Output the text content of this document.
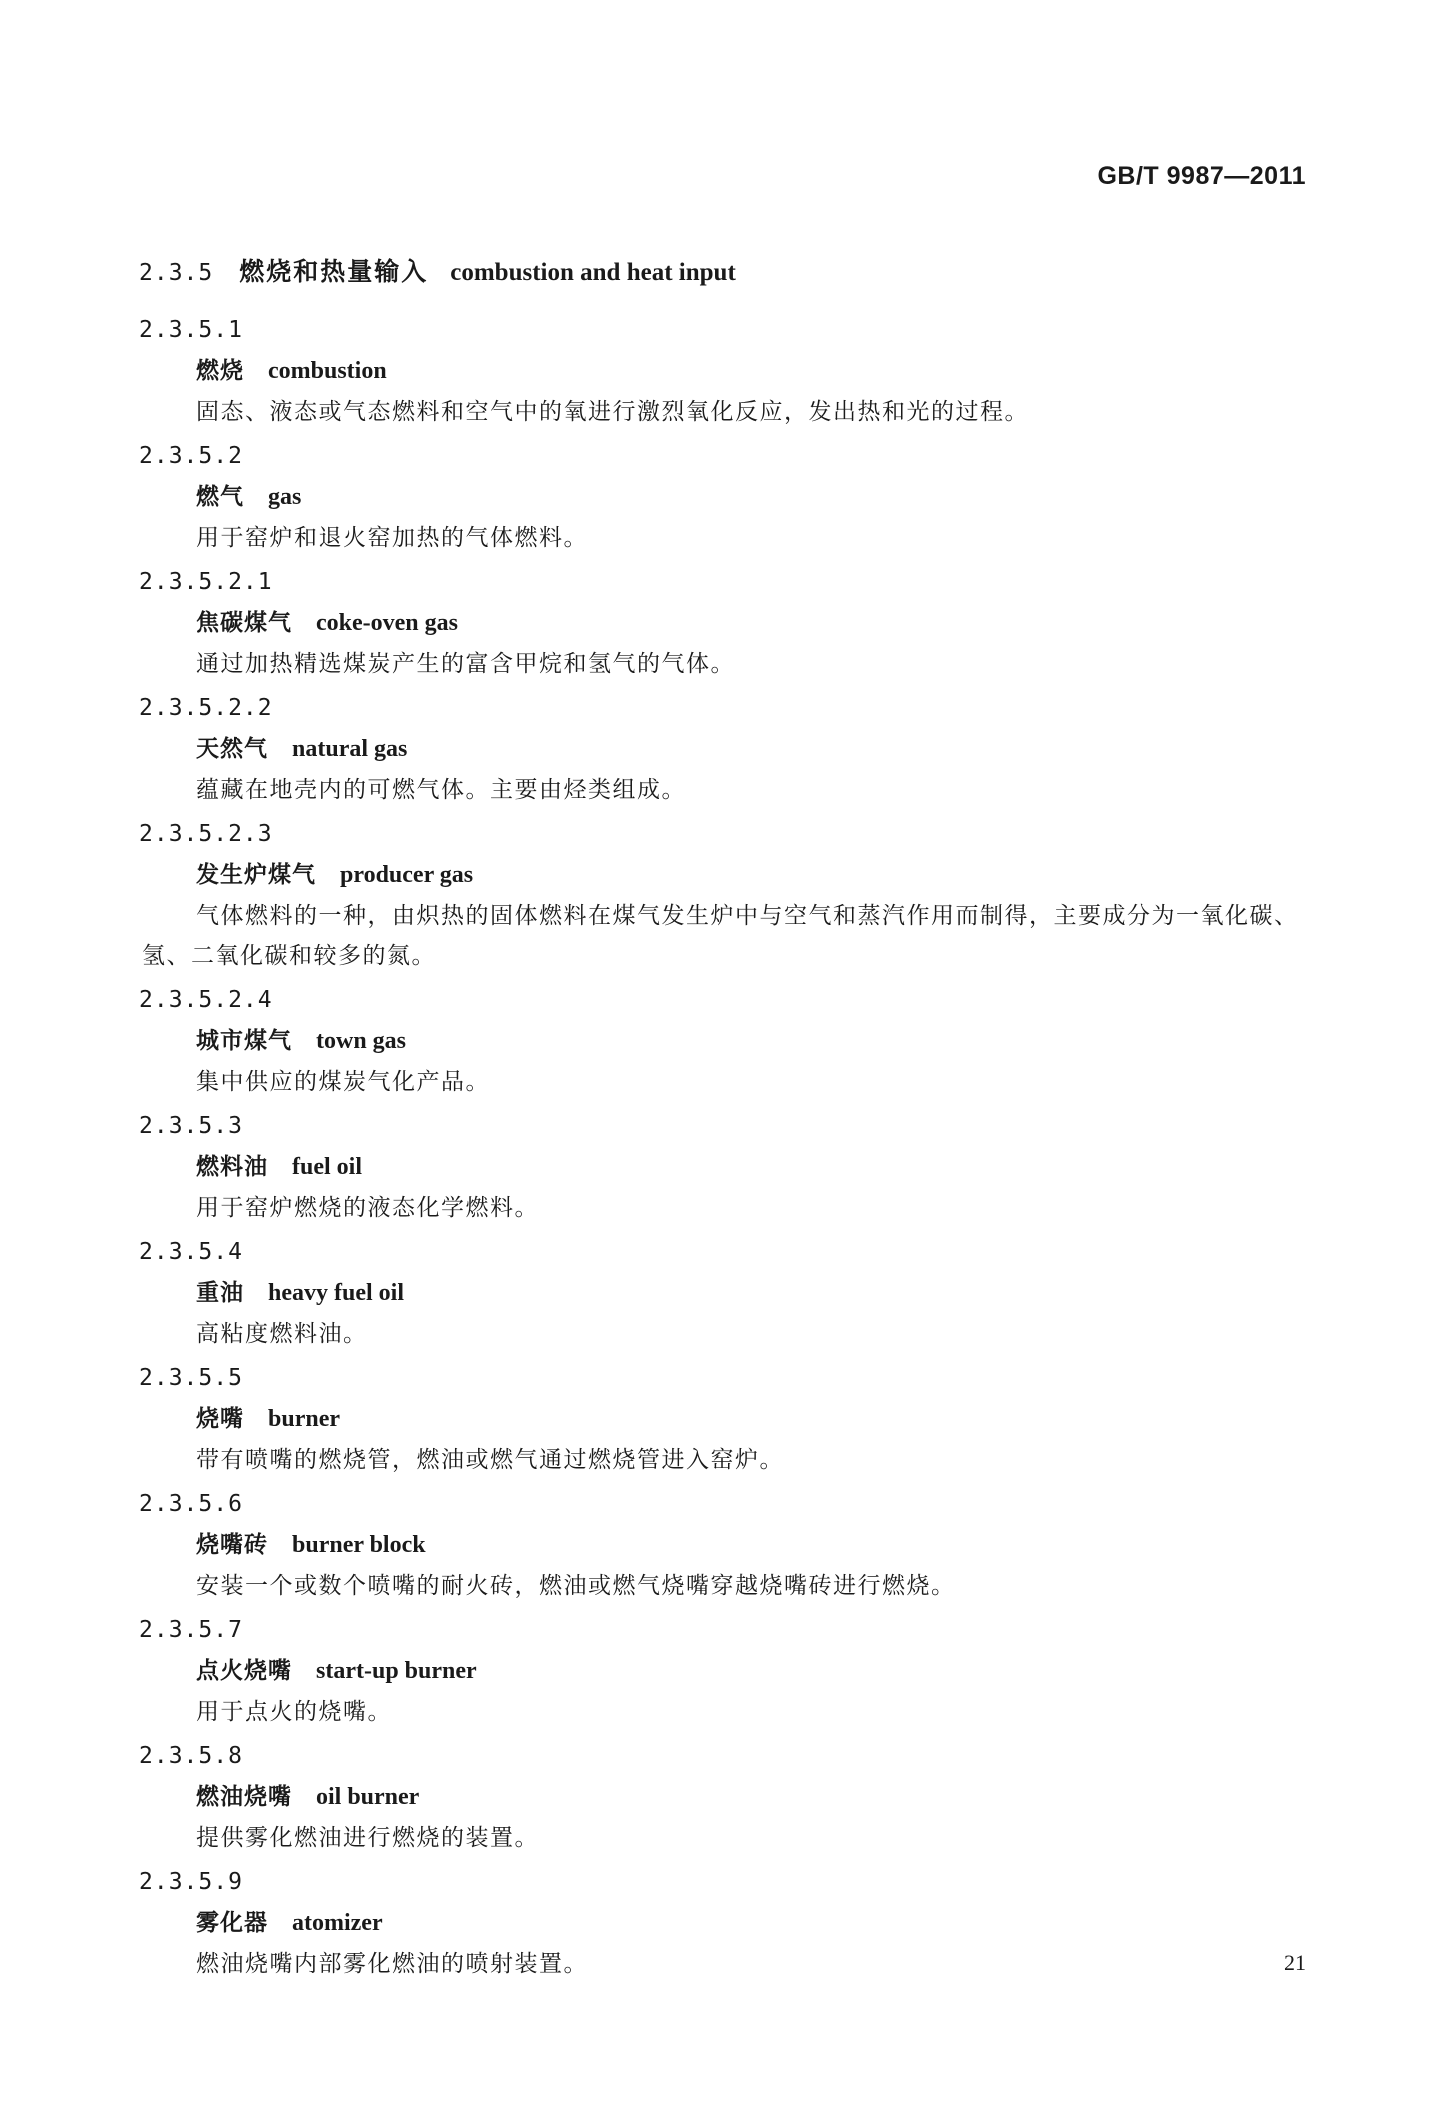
GB/T 9987—2011
2.3.5 燃烧和热量输入 combustion and heat input
2.3.5.1
燃烧 combustion
固态、液态或气态燃料和空气中的氧进行激烈氧化反应，发出热和光的过程。
2.3.5.2
燃气 gas
用于窑炉和退火窑加热的气体燃料。
2.3.5.2.1
焦碳煤气 coke-oven gas
通过加热精选煤炭产生的富含甲烷和氢气的气体。
2.3.5.2.2
天然气 natural gas
蕴藏在地壳内的可燃气体。主要由烃类组成。
2.3.5.2.3
发生炉煤气 producer gas
气体燃料的一种，由炽热的固体燃料在煤气发生炉中与空气和蒸汽作用而制得，主要成分为一氧化碳、氢、二氧化碳和较多的氮。
2.3.5.2.4
城市煤气 town gas
集中供应的煤炭气化产品。
2.3.5.3
燃料油 fuel oil
用于窑炉燃烧的液态化学燃料。
2.3.5.4
重油 heavy fuel oil
高粘度燃料油。
2.3.5.5
烧嘴 burner
带有喷嘴的燃烧管，燃油或燃气通过燃烧管进入窑炉。
2.3.5.6
烧嘴砖 burner block
安装一个或数个喷嘴的耐火砖，燃油或燃气烧嘴穿越烧嘴砖进行燃烧。
2.3.5.7
点火烧嘴 start-up burner
用于点火的烧嘴。
2.3.5.8
燃油烧嘴 oil burner
提供雾化燃油进行燃烧的装置。
2.3.5.9
雾化器 atomizer
燃油烧嘴内部雾化燃油的喷射装置。	21
